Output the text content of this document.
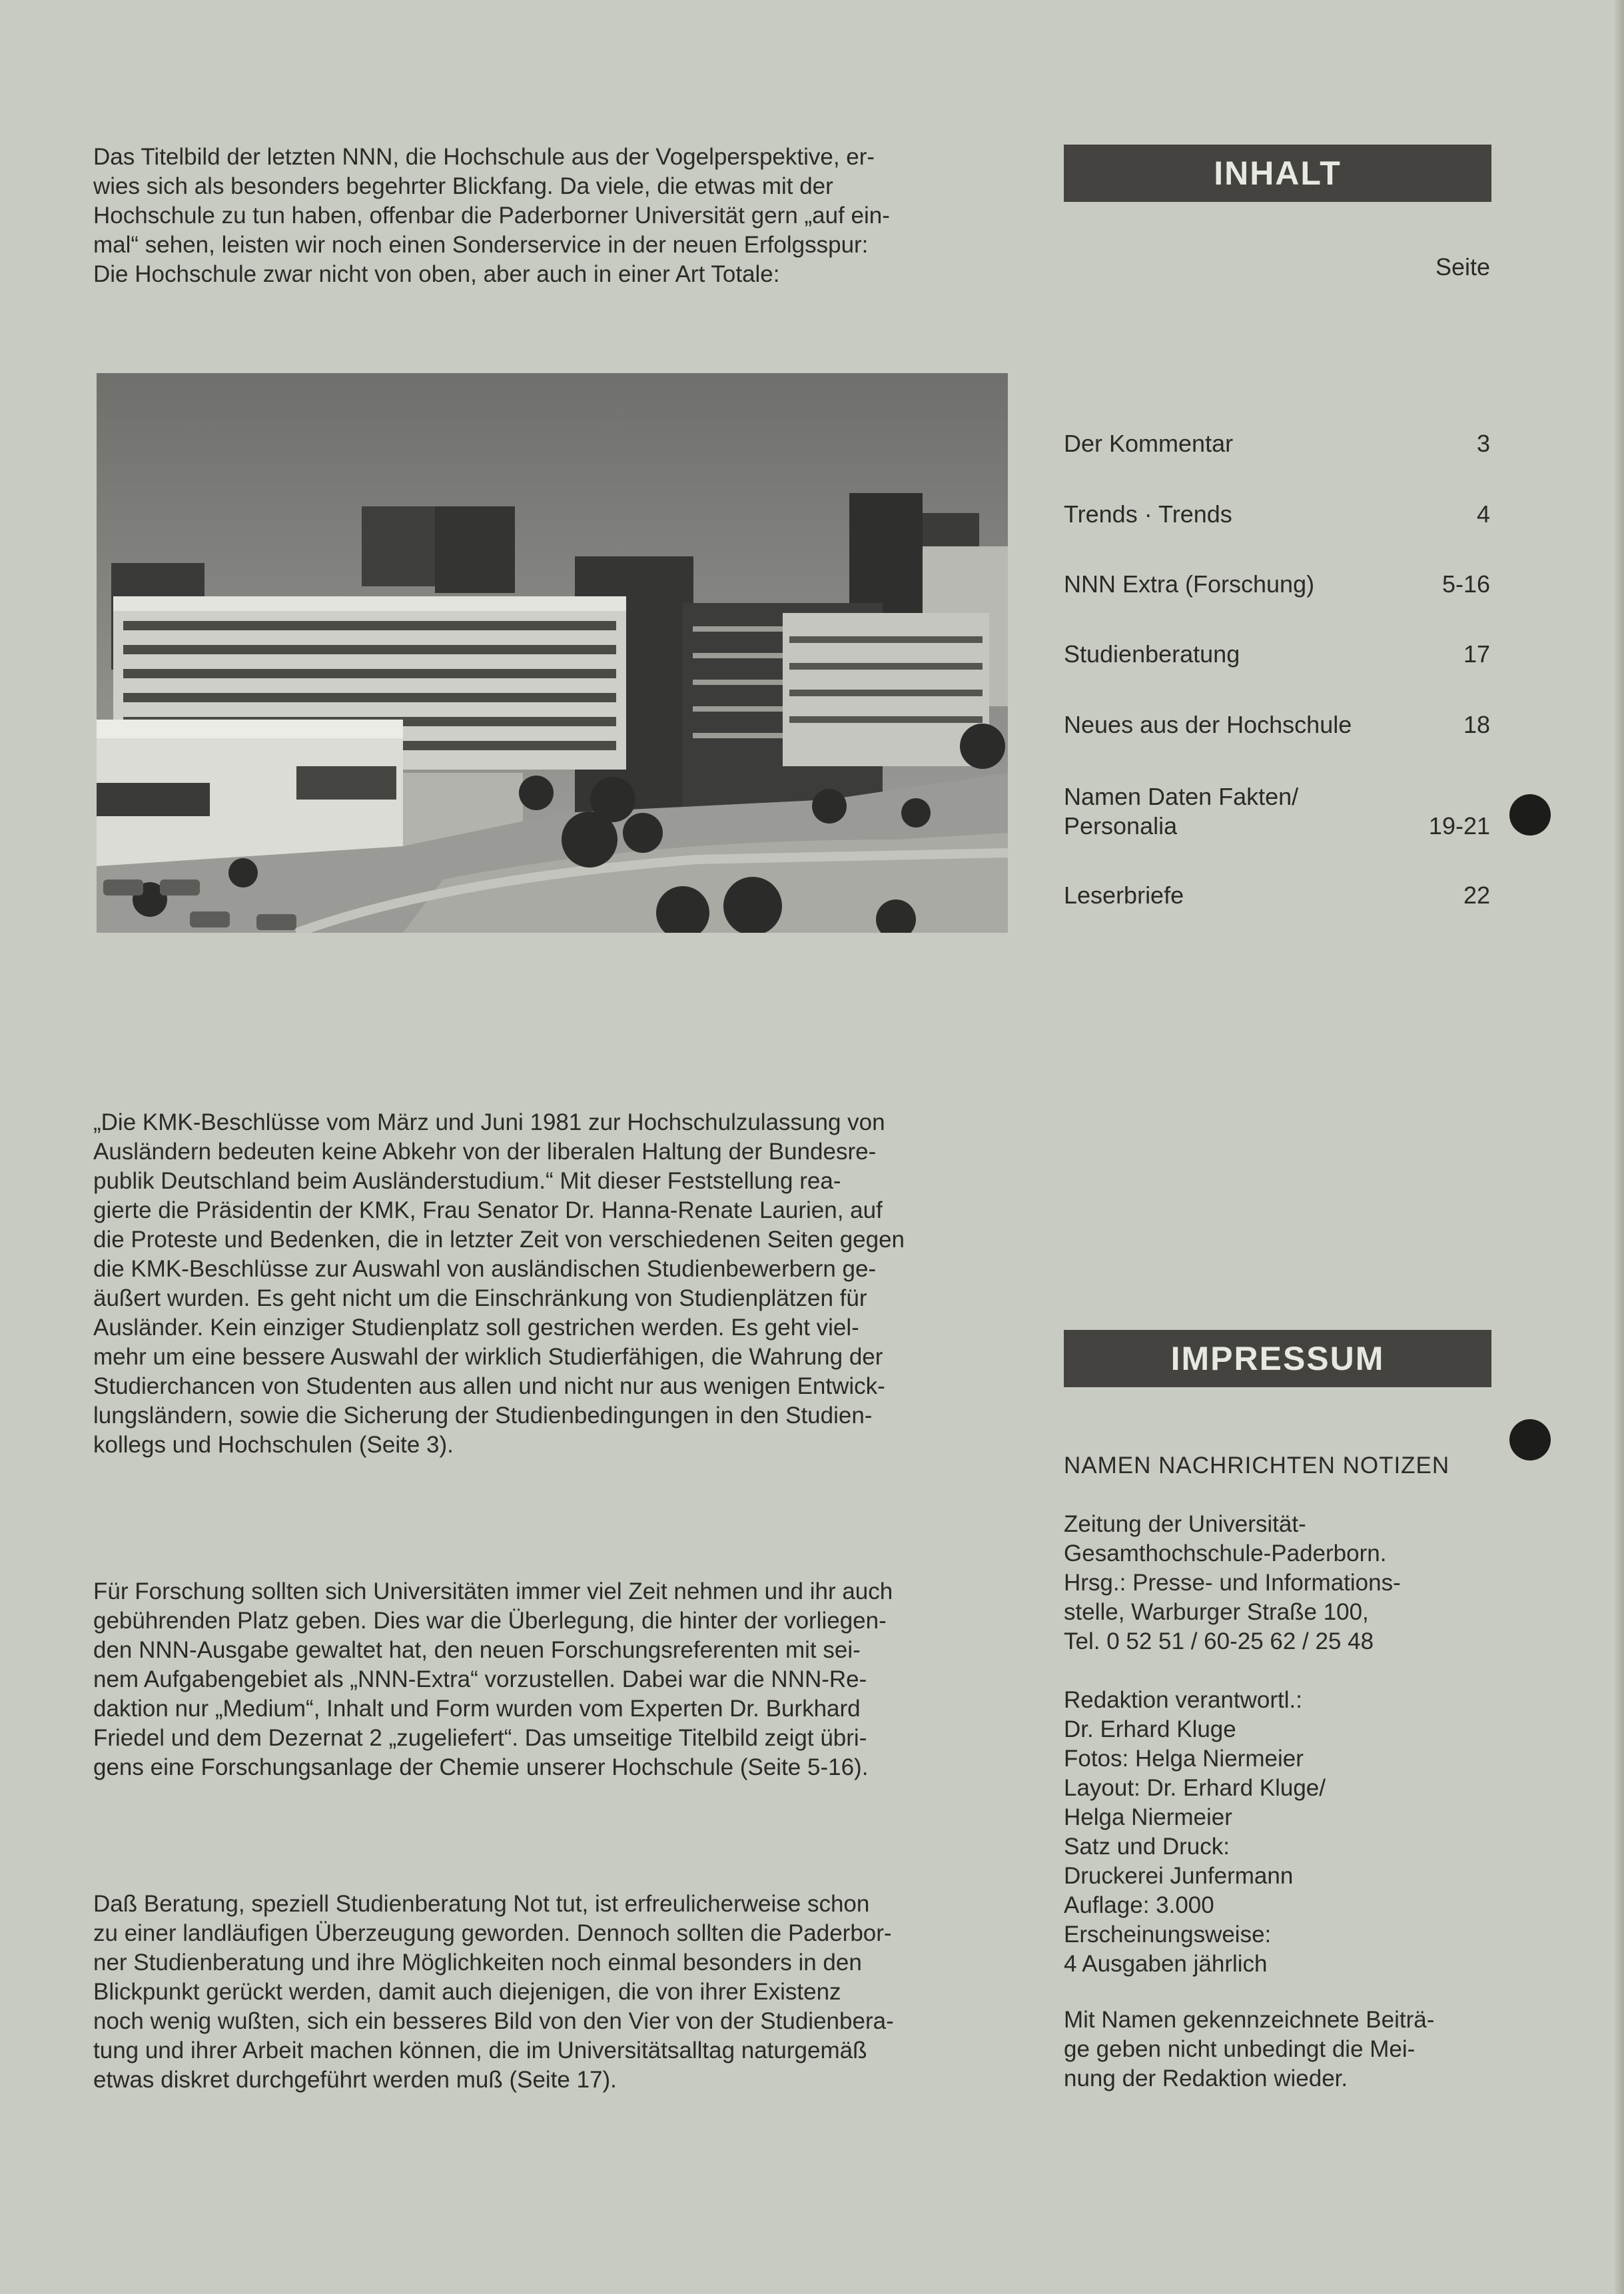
Das Titelbild der letzten NNN, die Hochschule aus der Vogelperspektive, er-
wies sich als besonders begehrter Blickfang. Da viele, die etwas mit der
Hochschule zu tun haben, offenbar die Paderborner Universität gern „auf ein-
mal“ sehen, leisten wir noch einen Sonderservice in der neuen Erfolgsspur:
Die Hochschule zwar nicht von oben, aber auch in einer Art Totale:

INHALT
Seite
Der Kommentar	3
Trends · Trends	4
NNN Extra (Forschung)	5-16
Studienberatung	17
Neues aus der Hochschule	18
Namen Daten Fakten/
Personalia	19-21
Leserbriefe	22

„Die KMK-Beschlüsse vom März und Juni 1981 zur Hochschulzulassung von
Ausländern bedeuten keine Abkehr von der liberalen Haltung der Bundesre-
publik Deutschland beim Ausländerstudium.“ Mit dieser Feststellung rea-
gierte die Präsidentin der KMK, Frau Senator Dr. Hanna-Renate Laurien, auf
die Proteste und Bedenken, die in letzter Zeit von verschiedenen Seiten gegen
die KMK-Beschlüsse zur Auswahl von ausländischen Studienbewerbern ge-
äußert wurden. Es geht nicht um die Einschränkung von Studienplätzen für
Ausländer. Kein einziger Studienplatz soll gestrichen werden. Es geht viel-
mehr um eine bessere Auswahl der wirklich Studierfähigen, die Wahrung der
Studierchancen von Studenten aus allen und nicht nur aus wenigen Entwick-
lungsländern, sowie die Sicherung der Studienbedingungen in den Studien-
kollegs und Hochschulen (Seite 3).

Für Forschung sollten sich Universitäten immer viel Zeit nehmen und ihr auch
gebührenden Platz geben. Dies war die Überlegung, die hinter der vorliegen-
den NNN-Ausgabe gewaltet hat, den neuen Forschungsreferenten mit sei-
nem Aufgabengebiet als „NNN-Extra“ vorzustellen. Dabei war die NNN-Re-
daktion nur „Medium“, Inhalt und Form wurden vom Experten Dr. Burkhard
Friedel und dem Dezernat 2 „zugeliefert“. Das umseitige Titelbild zeigt übri-
gens eine Forschungsanlage der Chemie unserer Hochschule (Seite 5-16).

Daß Beratung, speziell Studienberatung Not tut, ist erfreulicherweise schon
zu einer landläufigen Überzeugung geworden. Dennoch sollten die Paderbor-
ner Studienberatung und ihre Möglichkeiten noch einmal besonders in den
Blickpunkt gerückt werden, damit auch diejenigen, die von ihrer Existenz
noch wenig wußten, sich ein besseres Bild von den Vier von der Studienbera-
tung und ihrer Arbeit machen können, die im Universitätsalltag naturgemäß
etwas diskret durchgeführt werden muß (Seite 17).

IMPRESSUM

NAMEN NACHRICHTEN NOTIZEN

Zeitung der Universität-
Gesamthochschule-Paderborn.
Hrsg.: Presse- und Informations-
stelle, Warburger Straße 100,
Tel. 0 52 51 / 60-25 62 / 25 48

Redaktion verantwortl.:
Dr. Erhard Kluge
Fotos: Helga Niermeier
Layout: Dr. Erhard Kluge/
Helga Niermeier
Satz und Druck:
Druckerei Junfermann
Auflage: 3.000
Erscheinungsweise:
4 Ausgaben jährlich

Mit Namen gekennzeichnete Beiträ-
ge geben nicht unbedingt die Mei-
nung der Redaktion wieder.
